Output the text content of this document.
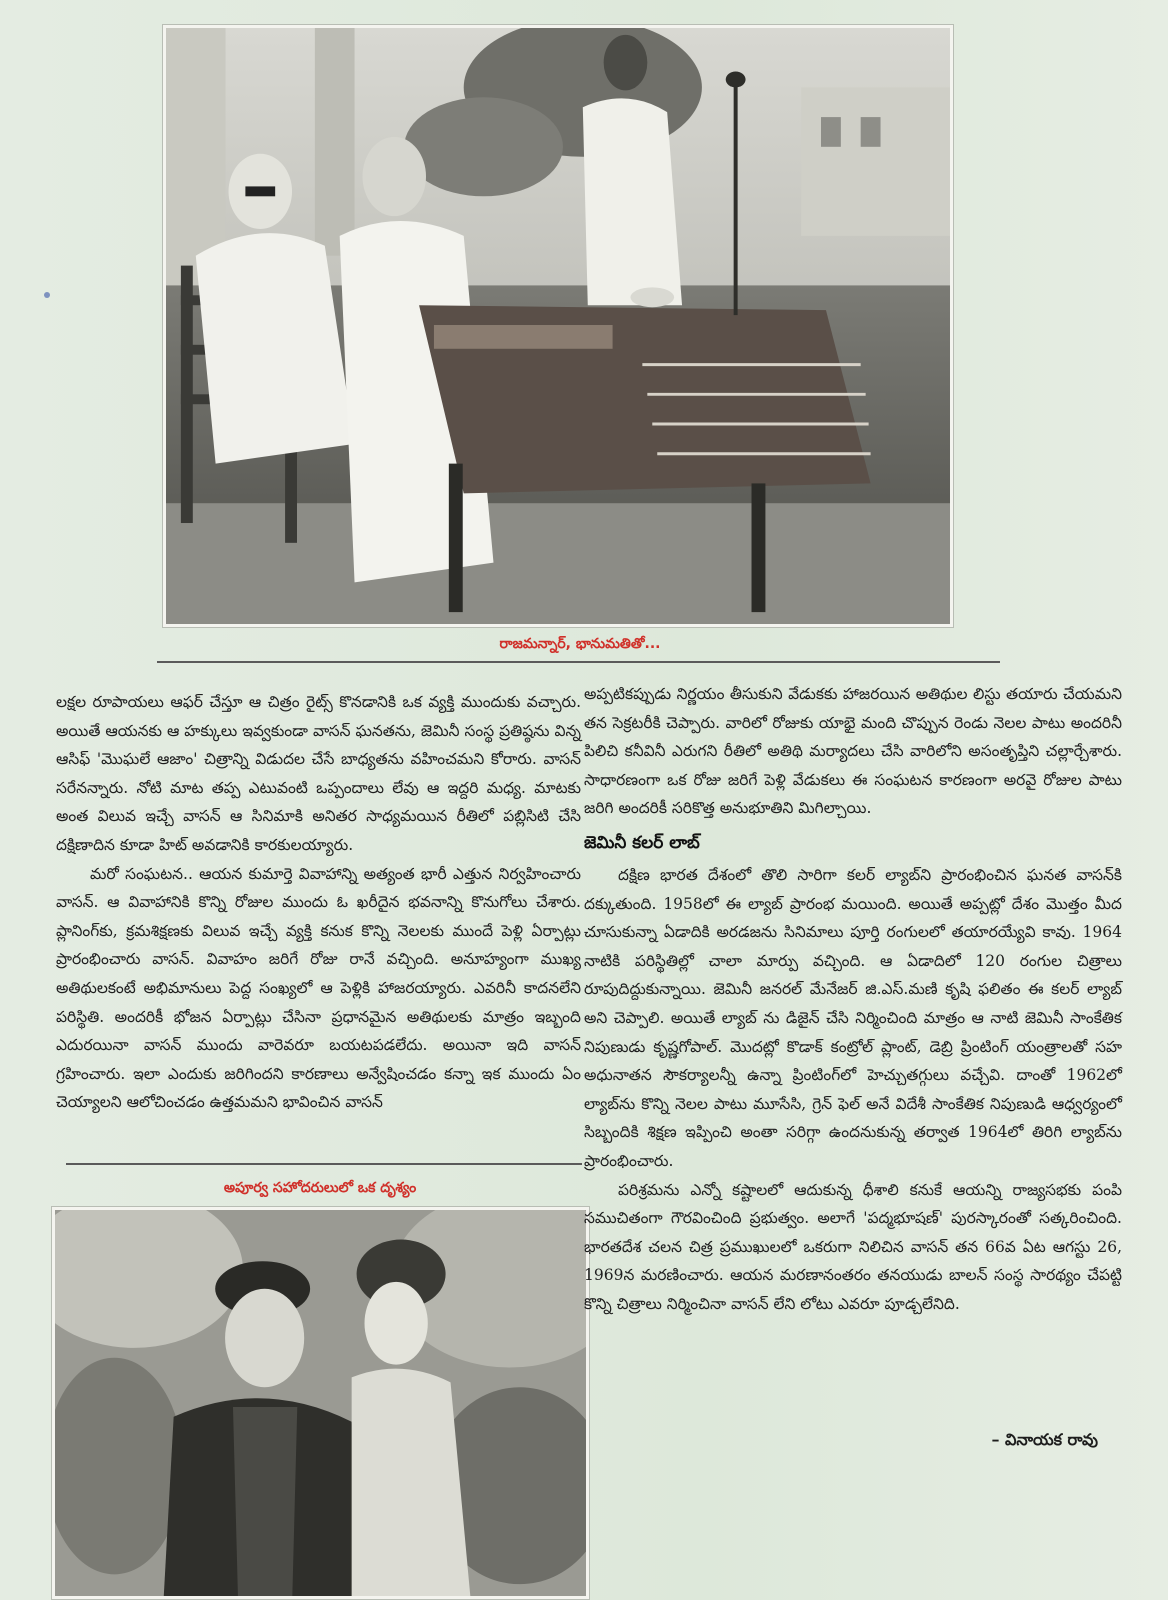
రాజమన్నార్, భానుమతితో...

లక్షల రూపాయలు ఆఫర్ చేస్తూ ఆ చిత్రం రైట్స్ కొనడానికి ఒక వ్యక్తి ముందుకు వచ్చారు. అయితే ఆయనకు ఆ హక్కులు ఇవ్వకుండా వాసన్ ఘనతను, జెమినీ సంస్థ ప్రతిష్ఠను విన్న ఆసిఫ్ 'మొఘలే ఆజాం' చిత్రాన్ని విడుదల చేసే బాధ్యతను వహించమని కోరారు. వాసన్ సరేనన్నారు. నోటి మాట తప్ప ఎటువంటి ఒప్పందాలు లేవు ఆ ఇద్దరి మధ్య. మాటకు అంత విలువ ఇచ్చే వాసన్ ఆ సినిమాకి అనితర సాధ్యమయిన రీతిలో పబ్లిసిటి చేసి దక్షిణాదిన కూడా హిట్ అవడానికి కారకులయ్యారు.

మరో సంఘటన.. ఆయన కుమార్తె వివాహాన్ని అత్యంత భారీ ఎత్తున నిర్వహించారు వాసన్. ఆ వివాహానికి కొన్ని రోజుల ముందు ఓ ఖరీదైన భవనాన్ని కొనుగోలు చేశారు. ప్లానింగ్‌కు, క్రమశిక్షణకు విలువ ఇచ్చే వ్యక్తి కనుక కొన్ని నెలలకు ముందే పెళ్లి ఏర్పాట్లు ప్రారంభించారు వాసన్. వివాహం జరిగే రోజు రానే వచ్చింది. అనూహ్యంగా ముఖ్య అతిథులకంటే అభిమానులు పెద్ద సంఖ్యలో ఆ పెళ్లికి హాజరయ్యారు. ఎవరినీ కాదనలేని పరిస్థితి. అందరికీ భోజన ఏర్పాట్లు చేసినా ప్రధానమైన అతిథులకు మాత్రం ఇబ్బంది ఎదురయినా వాసన్ ముందు వారెవరూ బయటపడలేదు. అయినా ఇది వాసన్ గ్రహించారు. ఇలా ఎందుకు జరిగిందని కారణాలు అన్వేషించడం కన్నా ఇక ముందు ఏం చెయ్యాలని ఆలోచించడం ఉత్తమమని భావించిన వాసన్

అపూర్వ సహోదరులులో ఒక దృశ్యం

అప్పటికప్పుడు నిర్ణయం తీసుకుని వేడుకకు హాజరయిన అతిథుల లిస్టు తయారు చేయమని తన సెక్రటరీకి చెప్పారు. వారిలో రోజుకు యాభై మంది చొప్పున రెండు నెలల పాటు అందరినీ పిలిచి కనీవినీ ఎరుగని రీతిలో అతిథి మర్యాదలు చేసి వారిలోని అసంతృప్తిని చల్లార్చేశారు. సాధారణంగా ఒక రోజు జరిగే పెళ్లి వేడుకలు ఈ సంఘటన కారణంగా అరవై రోజుల పాటు జరిగి అందరికీ సరికొత్త అనుభూతిని మిగిల్చాయి.

జెమినీ కలర్ లాబ్

దక్షిణ భారత దేశంలో తొలి సారిగా కలర్ ల్యాబ్‌ని ప్రారంభించిన ఘనత వాసన్‌కి దక్కుతుంది. 1958లో ఈ ల్యాబ్ ప్రారంభ మయింది. అయితే అప్పట్లో దేశం మొత్తం మీద చూసుకున్నా ఏడాదికి అరడజను సినిమాలు పూర్తి రంగులలో తయారయ్యేవి కావు. 1964 నాటికి పరిస్థితిల్లో చాలా మార్పు వచ్చింది. ఆ ఏడాదిలో 120 రంగుల చిత్రాలు రూపుదిద్దుకున్నాయి. జెమినీ జనరల్ మేనేజర్ జి.ఎస్.మణి కృషి ఫలితం ఈ కలర్ ల్యాబ్ అని చెప్పాలి. అయితే ల్యాబ్ ను డిజైన్ చేసి నిర్మించింది మాత్రం ఆ నాటి జెమినీ సాంకేతిక నిపుణుడు కృష్ణగోపాల్. మొదట్లో కొడాక్ కంట్రోల్ ప్లాంట్, డెబ్రి ప్రింటింగ్ యంత్రాలతో సహ అధునాతన సౌకర్యాలన్నీ ఉన్నా ప్రింటింగ్‌లో హెచ్చుతగ్గులు వచ్చేవి. దాంతో 1962లో ల్యాబ్‌ను కొన్ని నెలల పాటు మూసేసి, గ్రెన్ ఫెల్ అనే విదేశీ సాంకేతిక నిపుణుడి ఆధ్వర్యంలో సిబ్బందికి శిక్షణ ఇప్పించి అంతా సరిగ్గా ఉందనుకున్న తర్వాత 1964లో తిరిగి ల్యాబ్‌ను ప్రారంభించారు.

పరిశ్రమను ఎన్నో కష్టాలలో ఆదుకున్న ధీశాలి కనుకే ఆయన్ని రాజ్యసభకు పంపి సముచితంగా గౌరవించింది ప్రభుత్వం. అలాగే 'పద్మభూషణ్' పురస్కారంతో సత్కరించింది. భారతదేశ చలన చిత్ర ప్రముఖులలో ఒకరుగా నిలిచిన వాసన్ తన 66వ ఏట ఆగస్టు 26, 1969న మరణించారు. ఆయన మరణానంతరం తనయుడు బాలన్ సంస్థ సారథ్యం చేపట్టి కొన్ని చిత్రాలు నిర్మించినా వాసన్ లేని లోటు ఎవరూ పూడ్చలేనిది.

– వినాయక రావు
